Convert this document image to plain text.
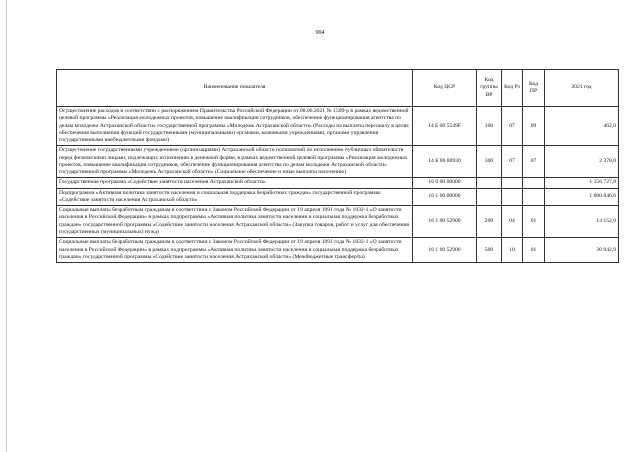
904
Наименование показателя	Код ЦСР	Код группы ВР	Код Рз	Код ПР	2021 год
Осуществление расходов в соответствии с распоряжением Правительства Российской Федерации от 08.06.2021 № 1509-р в рамках ведомственной целевой программы «Реализация молодежных проектов, повышение квалификации сотрудников, обеспечение функционирования агентства по делам молодежи Астраханской области» государственной программы «Молодежь Астраханской области» (Расходы на выплаты персоналу в целях обеспечения выполнения функций государственными (муниципальными) органами, казенными учреждениями, органами управления государственными внебюджетными фондами)	14 Б 00 5549F	100	07	09	462,0
Осуществление государственными учреждениями (организациями) Астраханской области полномочий по исполнению публичных обязательств перед физическими лицами, подлежащих исполнению в денежной форме, в рамках ведомственной целевой программы «Реализация молодежных проектов, повышение квалификации сотрудников, обеспечение функционирования агентства по делам молодежи Астраханской области» государственной программы «Молодежь Астраханской области» (Социальное обеспечение и иные выплаты населению)	14 Б 00 80930	300	07	07	2 378,0
Государственная программа «Содействие занятости населения Астраханской области»	16 0 00 00000				1 156 727,8
Подпрограмма «Активная политика занятости населения и социальная поддержка безработных граждан» государственной программы «Содействие занятости населения Астраханской области»	16 1 00 00000				1 000 846,6
Социальные выплаты безработным гражданам в соответствии с Законом Российской Федерации от 19 апреля 1991 года № 1032-1 «О занятости населения в Российской Федерации» в рамках подпрограммы «Активная политика занятости населения и социальная поддержка безработных граждан» государственной программы «Содействие занятости населения Астраханской области» (Закупка товаров, работ и услуг для обеспечения государственных (муниципальных) нужд)	16 1 00 52900	200	04	01	14 152,0
Социальные выплаты безработным гражданам в соответствии с Законом Российской Федерации от 19 апреля 1991 года № 1032-1 «О занятости населения в Российской Федерации» в рамках подпрограммы «Активная политика занятости населения и социальная поддержка безработных граждан» государственной программы «Содействие занятости населения Астраханской области» (Межбюджетные трансферты)	16 1 00 52900	500	10	01	30 942,9
